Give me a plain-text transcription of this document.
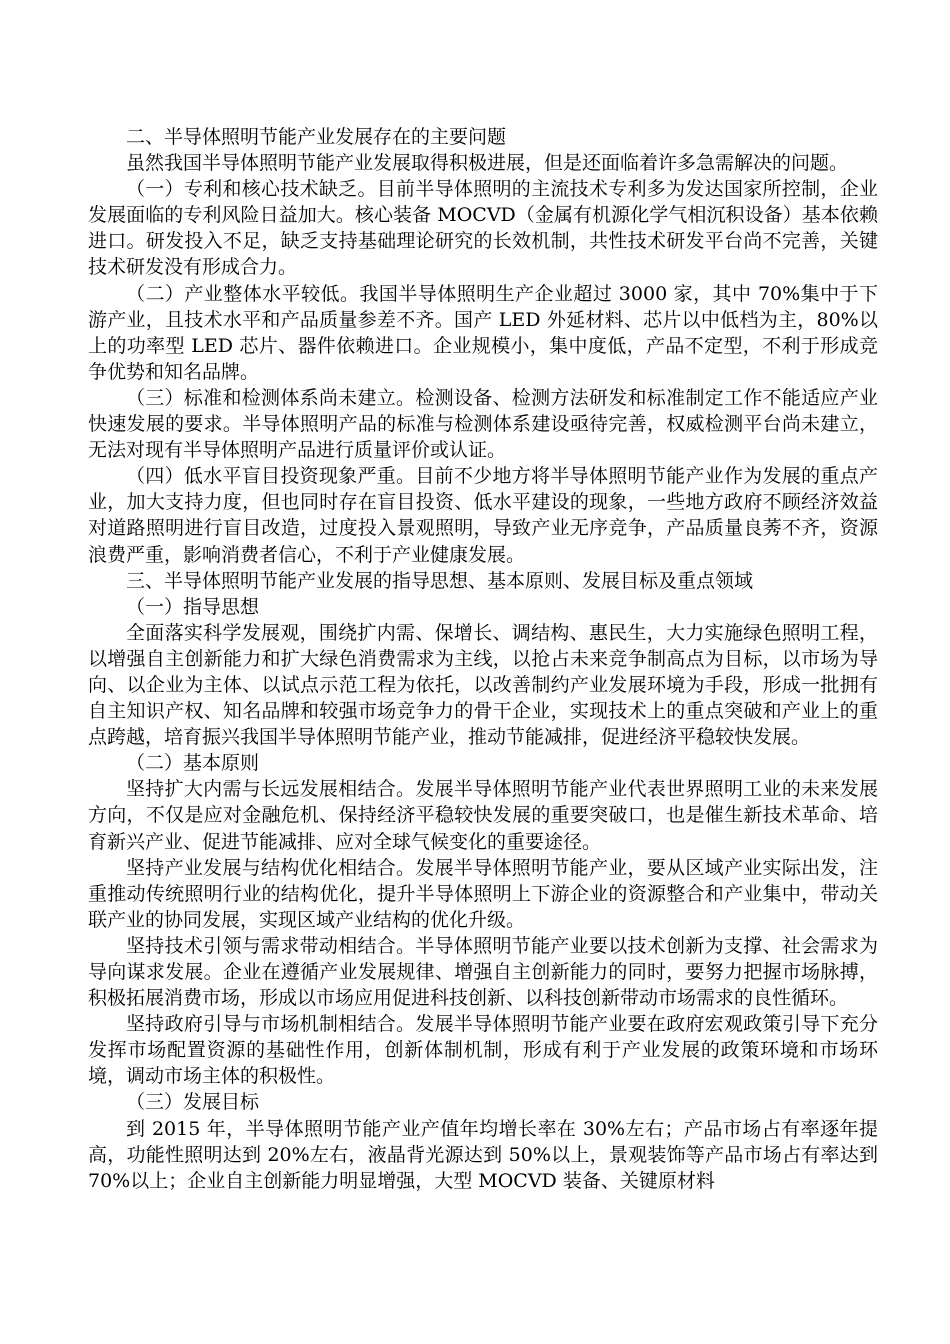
二、半导体照明节能产业发展存在的主要问题

虽然我国半导体照明节能产业发展取得积极进展，但是还面临着许多急需解决的问题。

（一）专利和核心技术缺乏。目前半导体照明的主流技术专利多为发达国家所控制，企业发展面临的专利风险日益加大。核心装备 MOCVD（金属有机源化学气相沉积设备）基本依赖进口。研发投入不足，缺乏支持基础理论研究的长效机制，共性技术研发平台尚不完善，关键技术研发没有形成合力。

（二）产业整体水平较低。我国半导体照明生产企业超过 3000 家，其中 70%集中于下游产业，且技术水平和产品质量参差不齐。国产 LED 外延材料、芯片以中低档为主，80%以上的功率型 LED 芯片、器件依赖进口。企业规模小，集中度低，产品不定型，不利于形成竞争优势和知名品牌。

（三）标准和检测体系尚未建立。检测设备、检测方法研发和标准制定工作不能适应产业快速发展的要求。半导体照明产品的标准与检测体系建设亟待完善，权威检测平台尚未建立，无法对现有半导体照明产品进行质量评价或认证。

（四）低水平盲目投资现象严重。目前不少地方将半导体照明节能产业作为发展的重点产业，加大支持力度，但也同时存在盲目投资、低水平建设的现象，一些地方政府不顾经济效益对道路照明进行盲目改造，过度投入景观照明，导致产业无序竞争，产品质量良莠不齐，资源浪费严重，影响消费者信心，不利于产业健康发展。

三、半导体照明节能产业发展的指导思想、基本原则、发展目标及重点领域

（一）指导思想

全面落实科学发展观，围绕扩内需、保增长、调结构、惠民生，大力实施绿色照明工程，以增强自主创新能力和扩大绿色消费需求为主线，以抢占未来竞争制高点为目标，以市场为导向、以企业为主体、以试点示范工程为依托，以改善制约产业发展环境为手段，形成一批拥有自主知识产权、知名品牌和较强市场竞争力的骨干企业，实现技术上的重点突破和产业上的重点跨越，培育振兴我国半导体照明节能产业，推动节能减排，促进经济平稳较快发展。

（二）基本原则

坚持扩大内需与长远发展相结合。发展半导体照明节能产业代表世界照明工业的未来发展方向，不仅是应对金融危机、保持经济平稳较快发展的重要突破口，也是催生新技术革命、培育新兴产业、促进节能减排、应对全球气候变化的重要途径。

坚持产业发展与结构优化相结合。发展半导体照明节能产业，要从区域产业实际出发，注重推动传统照明行业的结构优化，提升半导体照明上下游企业的资源整合和产业集中，带动关联产业的协同发展，实现区域产业结构的优化升级。

坚持技术引领与需求带动相结合。半导体照明节能产业要以技术创新为支撑、社会需求为导向谋求发展。企业在遵循产业发展规律、增强自主创新能力的同时，要努力把握市场脉搏，积极拓展消费市场，形成以市场应用促进科技创新、以科技创新带动市场需求的良性循环。

坚持政府引导与市场机制相结合。发展半导体照明节能产业要在政府宏观政策引导下充分发挥市场配置资源的基础性作用，创新体制机制，形成有利于产业发展的政策环境和市场环境，调动市场主体的积极性。

（三）发展目标

到 2015 年，半导体照明节能产业产值年均增长率在 30%左右；产品市场占有率逐年提高，功能性照明达到 20%左右，液晶背光源达到 50%以上，景观装饰等产品市场占有率达到 70%以上；企业自主创新能力明显增强，大型 MOCVD 装备、关键原材料
